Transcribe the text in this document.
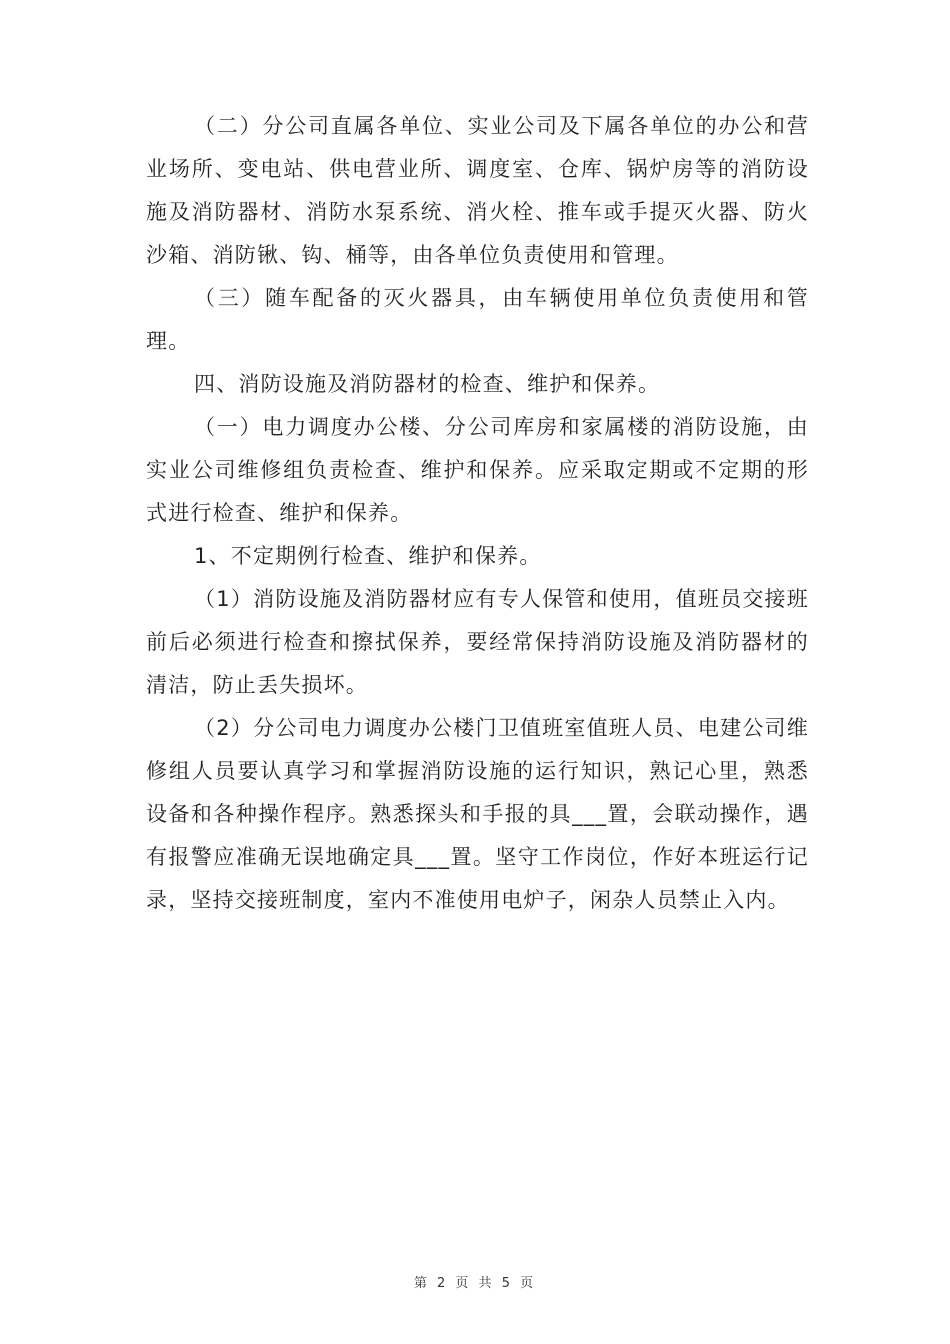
（二）分公司直属各单位、实业公司及下属各单位的办公和营业场所、变电站、供电营业所、调度室、仓库、锅炉房等的消防设施及消防器材、消防水泵系统、消火栓、推车或手提灭火器、防火沙箱、消防锹、钩、桶等，由各单位负责使用和管理。

（三）随车配备的灭火器具，由车辆使用单位负责使用和管理。

四、消防设施及消防器材的检查、维护和保养。

（一）电力调度办公楼、分公司库房和家属楼的消防设施，由实业公司维修组负责检查、维护和保养。应采取定期或不定期的形式进行检查、维护和保养。

1、不定期例行检查、维护和保养。

（1）消防设施及消防器材应有专人保管和使用，值班员交接班前后必须进行检查和擦拭保养，要经常保持消防设施及消防器材的清洁，防止丢失损坏。

（2）分公司电力调度办公楼门卫值班室值班人员、电建公司维修组人员要认真学习和掌握消防设施的运行知识，熟记心里，熟悉设备和各种操作程序。熟悉探头和手报的具___置，会联动操作，遇有报警应准确无误地确定具___置。坚守工作岗位，作好本班运行记录，坚持交接班制度，室内不准使用电炉子，闲杂人员禁止入内。

第 2 页 共 5 页
